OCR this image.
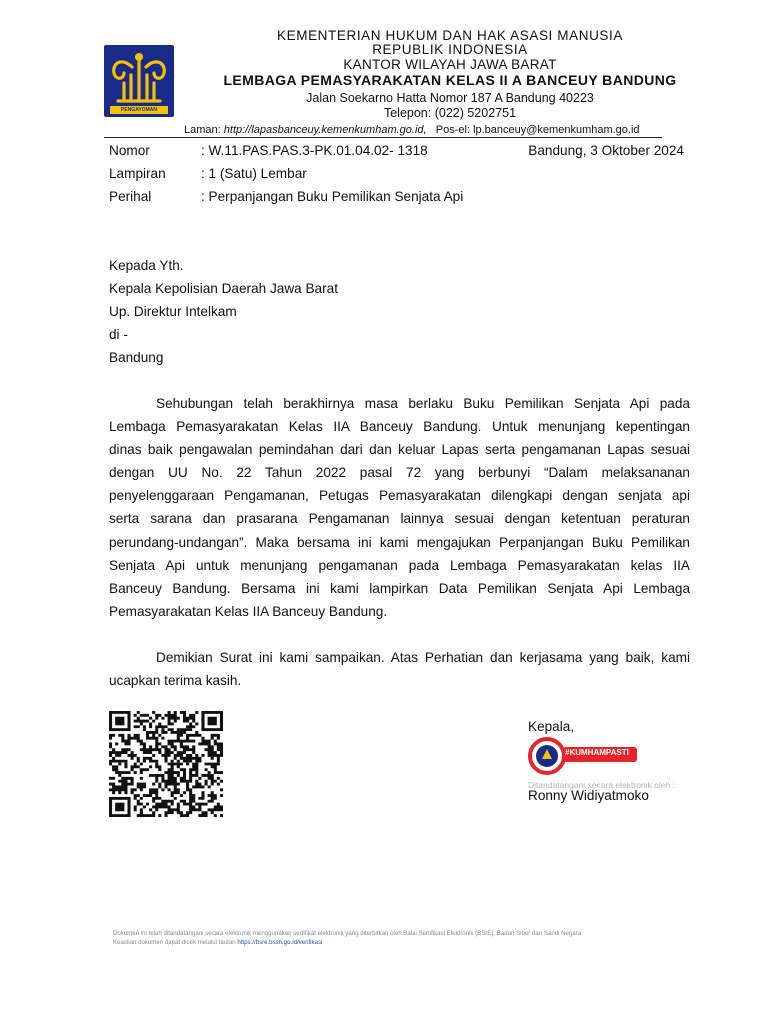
PENGAYOMAN
KEMENTERIAN HUKUM DAN HAK ASASI MANUSIA
REPUBLIK INDONESIA
KANTOR WILAYAH JAWA BARAT
LEMBAGA PEMASYARAKATAN KELAS II A BANCEUY BANDUNG
Jalan Soekarno Hatta Nomor 187 A Bandung 40223
Telepon: (022) 5202751
Laman: http://lapasbanceuy.kemenkumham.go.id, Pos-el: lp.banceuy@kemenkumham.go.id
Nomor	: W.11.PAS.PAS.3-PK.01.04.02- 1318	Bandung, 3 Oktober 2024
Lampiran	: 1 (Satu) Lembar
Perihal	: Perpanjangan Buku Pemilikan Senjata Api
Kepada Yth.
Kepala Kepolisian Daerah Jawa Barat
Up. Direktur Intelkam
di -
Bandung
Sehubungan telah berakhirnya masa berlaku Buku Pemilikan Senjata Api pada
Lembaga Pemasyarakatan Kelas IIA Banceuy Bandung. Untuk menunjang kepentingan
dinas baik pengawalan pemindahan dari dan keluar Lapas serta pengamanan Lapas sesuai
dengan UU No. 22 Tahun 2022 pasal 72 yang berbunyi “Dalam melaksananan
penyelenggaraan Pengamanan, Petugas Pemasyarakatan dilengkapi dengan senjata api
serta sarana dan prasarana Pengamanan lainnya sesuai dengan ketentuan peraturan
perundang-undangan”. Maka bersama ini kami mengajukan Perpanjangan Buku Pemilikan
Senjata Api untuk menunjang pengamanan pada Lembaga Pemasyarakatan kelas IIA
Banceuy Bandung. Bersama ini kami lampirkan Data Pemilikan Senjata Api Lembaga
Pemasyarakatan Kelas IIA Banceuy Bandung.
Demikian Surat ini kami sampaikan. Atas Perhatian dan kerjasama yang baik, kami
ucapkan terima kasih.
Kepala,
#KUMHAMPASTI
Ditandatangani secara elektronik oleh :
Ronny Widiyatmoko
Dokumen ini telah ditandatangani secara elektronik menggunakan sertifikat elektronik yang diterbitkan oleh Balai Sertifikasi Elektronik (BSrE), Badan Siber dan Sandi Negara
Keaslian dokumen dapat dicek melalui tautan https://bsre.bssn.go.id/verifikasi
